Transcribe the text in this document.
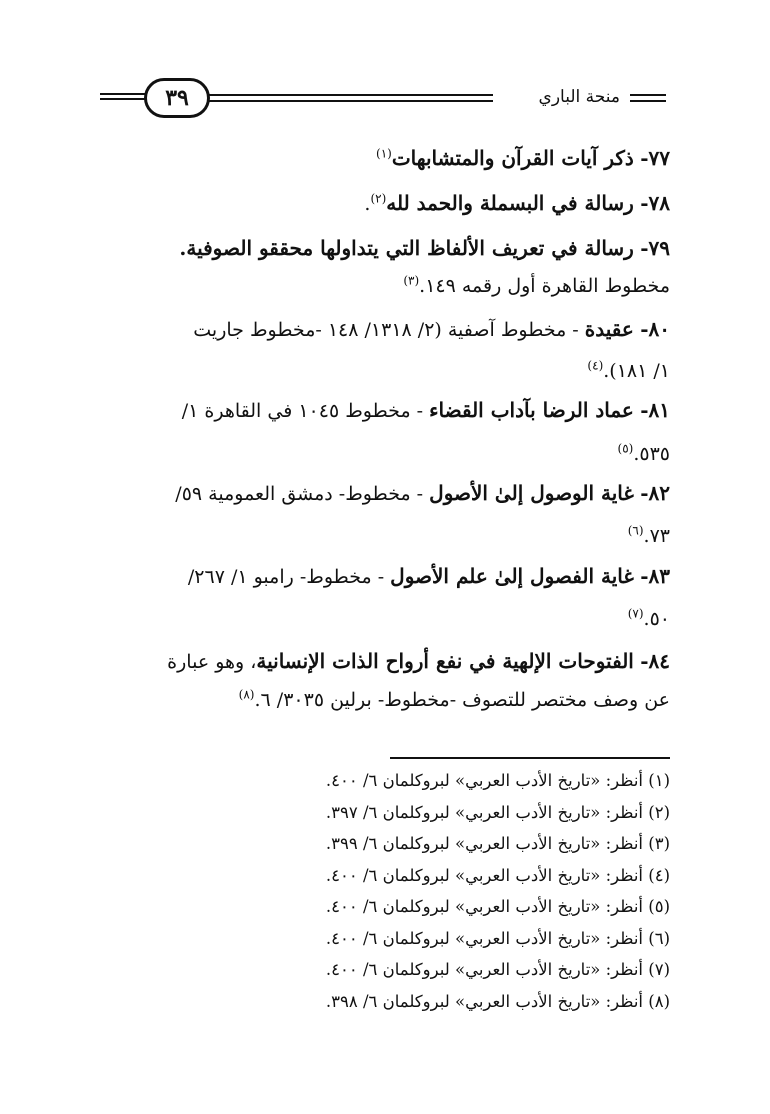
منحة الباري
٣٩
٧٧- ذكر آيات القرآن والمتشابهات$^{(١)}$
٧٨- رسالة في البسملة والحمد لله$^{(٢)}$.
٧٩- رسالة في تعريف الألفاظ التي يتداولها محققو الصوفية.
مخطوط القاهرة أول رقمه ١٤٩.$^{(٣)}$
٨٠- عقيدة - مخطوط آصفية (٢/ ١٣١٨/ ١٤٨ -مخطوط جاريت
١/ ١٨١).$^{(٤)}$
٨١- عماد الرضا بآداب القضاء - مخطوط ١٠٤٥ في القاهرة ١/
٥٣٥.$^{(٥)}$
٨٢- غاية الوصول إلىٰ الأصول - مخطوط- دمشق العمومية ٥٩/
٧٣.$^{(٦)}$
٨٣- غاية الفصول إلىٰ علم الأصول - مخطوط- رامبو ١/ ٢٦٧/
٥٠.$^{(٧)}$
٨٤- الفتوحات الإلهية في نفع أرواح الذات الإنسانية، وهو عبارة
عن وصف مختصر للتصوف -مخطوط- برلين ٣٠٣٥/ ٦.$^{(٨)}$
(١) أنظر: «تاريخ الأدب العربي» لبروكلمان ٦/ ٤٠٠.
(٢) أنظر: «تاريخ الأدب العربي» لبروكلمان ٦/ ٣٩٧.
(٣) أنظر: «تاريخ الأدب العربي» لبروكلمان ٦/ ٣٩٩.
(٤) أنظر: «تاريخ الأدب العربي» لبروكلمان ٦/ ٤٠٠.
(٥) أنظر: «تاريخ الأدب العربي» لبروكلمان ٦/ ٤٠٠.
(٦) أنظر: «تاريخ الأدب العربي» لبروكلمان ٦/ ٤٠٠.
(٧) أنظر: «تاريخ الأدب العربي» لبروكلمان ٦/ ٤٠٠.
(٨) أنظر: «تاريخ الأدب العربي» لبروكلمان ٦/ ٣٩٨.
